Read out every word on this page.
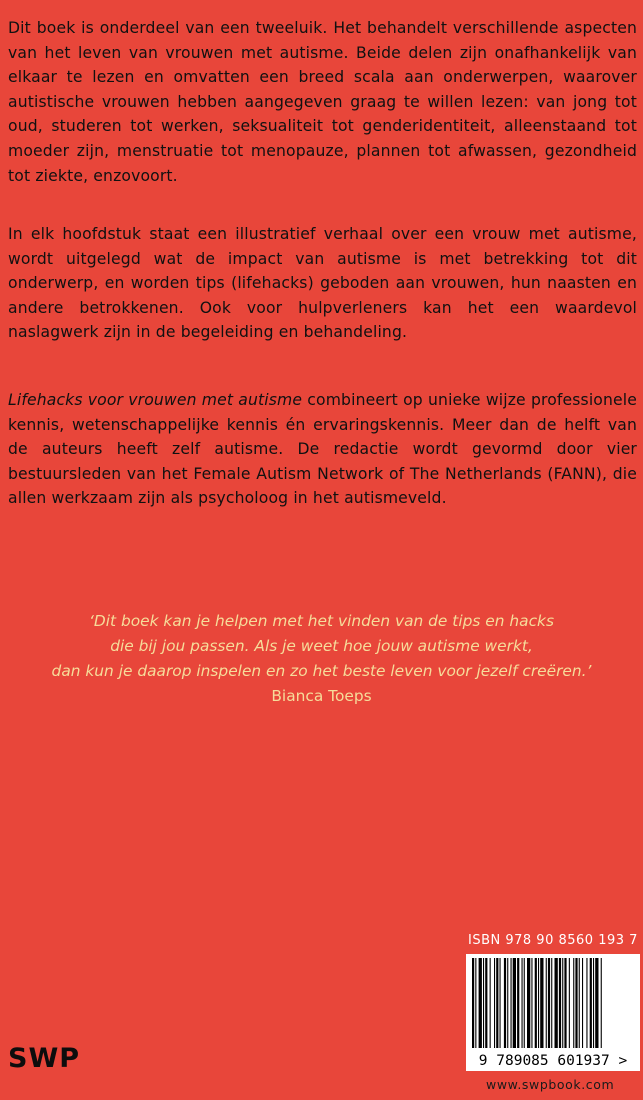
Dit boek is onderdeel van een tweeluik. Het behandelt verschillende aspecten van het leven van vrouwen met autisme. Beide delen zijn onafhankelijk van elkaar te lezen en omvatten een breed scala aan onderwerpen, waarover autistische vrouwen hebben aangegeven graag te willen lezen: van jong tot oud, studeren tot werken, seksualiteit tot genderidentiteit, alleenstaand tot moeder zijn, menstruatie tot menopauze, plannen tot afwassen, gezondheid tot ziekte, enzovoort.
In elk hoofdstuk staat een illustratief verhaal over een vrouw met autisme, wordt uitgelegd wat de impact van autisme is met betrekking tot dit onderwerp, en worden tips (lifehacks) geboden aan vrouwen, hun naasten en andere betrokkenen. Ook voor hulpverleners kan het een waardevol naslagwerk zijn in de begeleiding en behandeling.
Lifehacks voor vrouwen met autisme combineert op unieke wijze professionele kennis, wetenschappelijke kennis én ervaringskennis. Meer dan de helft van de auteurs heeft zelf autisme. De redactie wordt gevormd door vier bestuursleden van het Female Autism Network of The Netherlands (FANN), die allen werkzaam zijn als psycholoog in het autismeveld.
‘Dit boek kan je helpen met het vinden van de tips en hacks
die bij jou passen. Als je weet hoe jouw autisme werkt,
dan kun je daarop inspelen en zo het beste leven voor jezelf creëren.’
Bianca Toeps
SWP
ISBN 978 90 8560 193 7
9 789085 601937 >
www.swpbook.com
